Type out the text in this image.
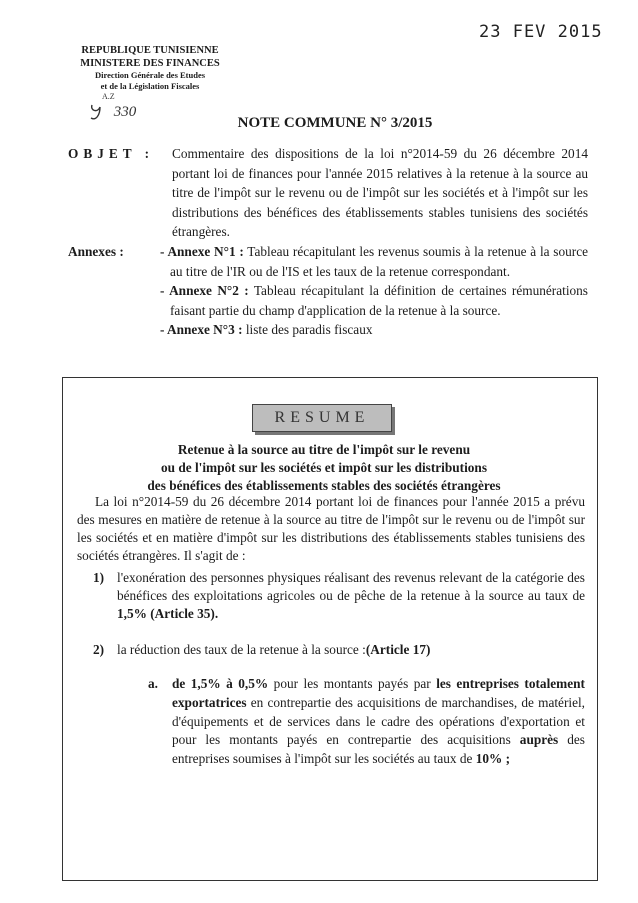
23 FEV 2015
REPUBLIQUE TUNISIENNE
MINISTERE DES FINANCES
Direction Générale des Etudes
et de la Législation Fiscales
A.Z
330
NOTE COMMUNE N° 3/2015
OBJET :	Commentaire des dispositions de la loi n°2014-59 du 26 décembre 2014 portant loi de finances pour l'année 2015 relatives à la retenue à la source au titre de l'impôt sur le revenu ou de l'impôt sur les sociétés et à l'impôt sur les distributions des bénéfices des établissements stables tunisiens des sociétés étrangères.
Annexes :	- Annexe N°1 : Tableau récapitulant les revenus soumis à la retenue à la source au titre de l'IR ou de l'IS et les taux de la retenue correspondant.
- Annexe N°2 : Tableau récapitulant la définition de certaines rémunérations faisant partie du champ d'application de la retenue à la source.
- Annexe N°3 : liste des paradis fiscaux
RESUME
Retenue à la source au titre de l'impôt sur le revenu
ou de l'impôt sur les sociétés et impôt sur les distributions
des bénéfices des établissements stables des sociétés étrangères
La loi n°2014-59 du 26 décembre 2014 portant loi de finances pour l'année 2015 a prévu des mesures en matière de retenue à la source au titre de l'impôt sur le revenu ou de l'impôt sur les sociétés et en matière d'impôt sur les distributions des établissements stables tunisiens des sociétés étrangères. Il s'agit de :
1) l'exonération des personnes physiques réalisant des revenus relevant de la catégorie des bénéfices des exploitations agricoles ou de pêche de la retenue à la source au taux de 1,5% (Article 35).
2) la réduction des taux de la retenue à la source :(Article 17)
a.	de 1,5% à 0,5% pour les montants payés par les entreprises totalement exportatrices en contrepartie des acquisitions de marchandises, de matériel, d'équipements et de services dans le cadre des opérations d'exportation et pour les montants payés en contrepartie des acquisitions auprès des entreprises soumises à l'impôt sur les sociétés au taux de 10% ;
